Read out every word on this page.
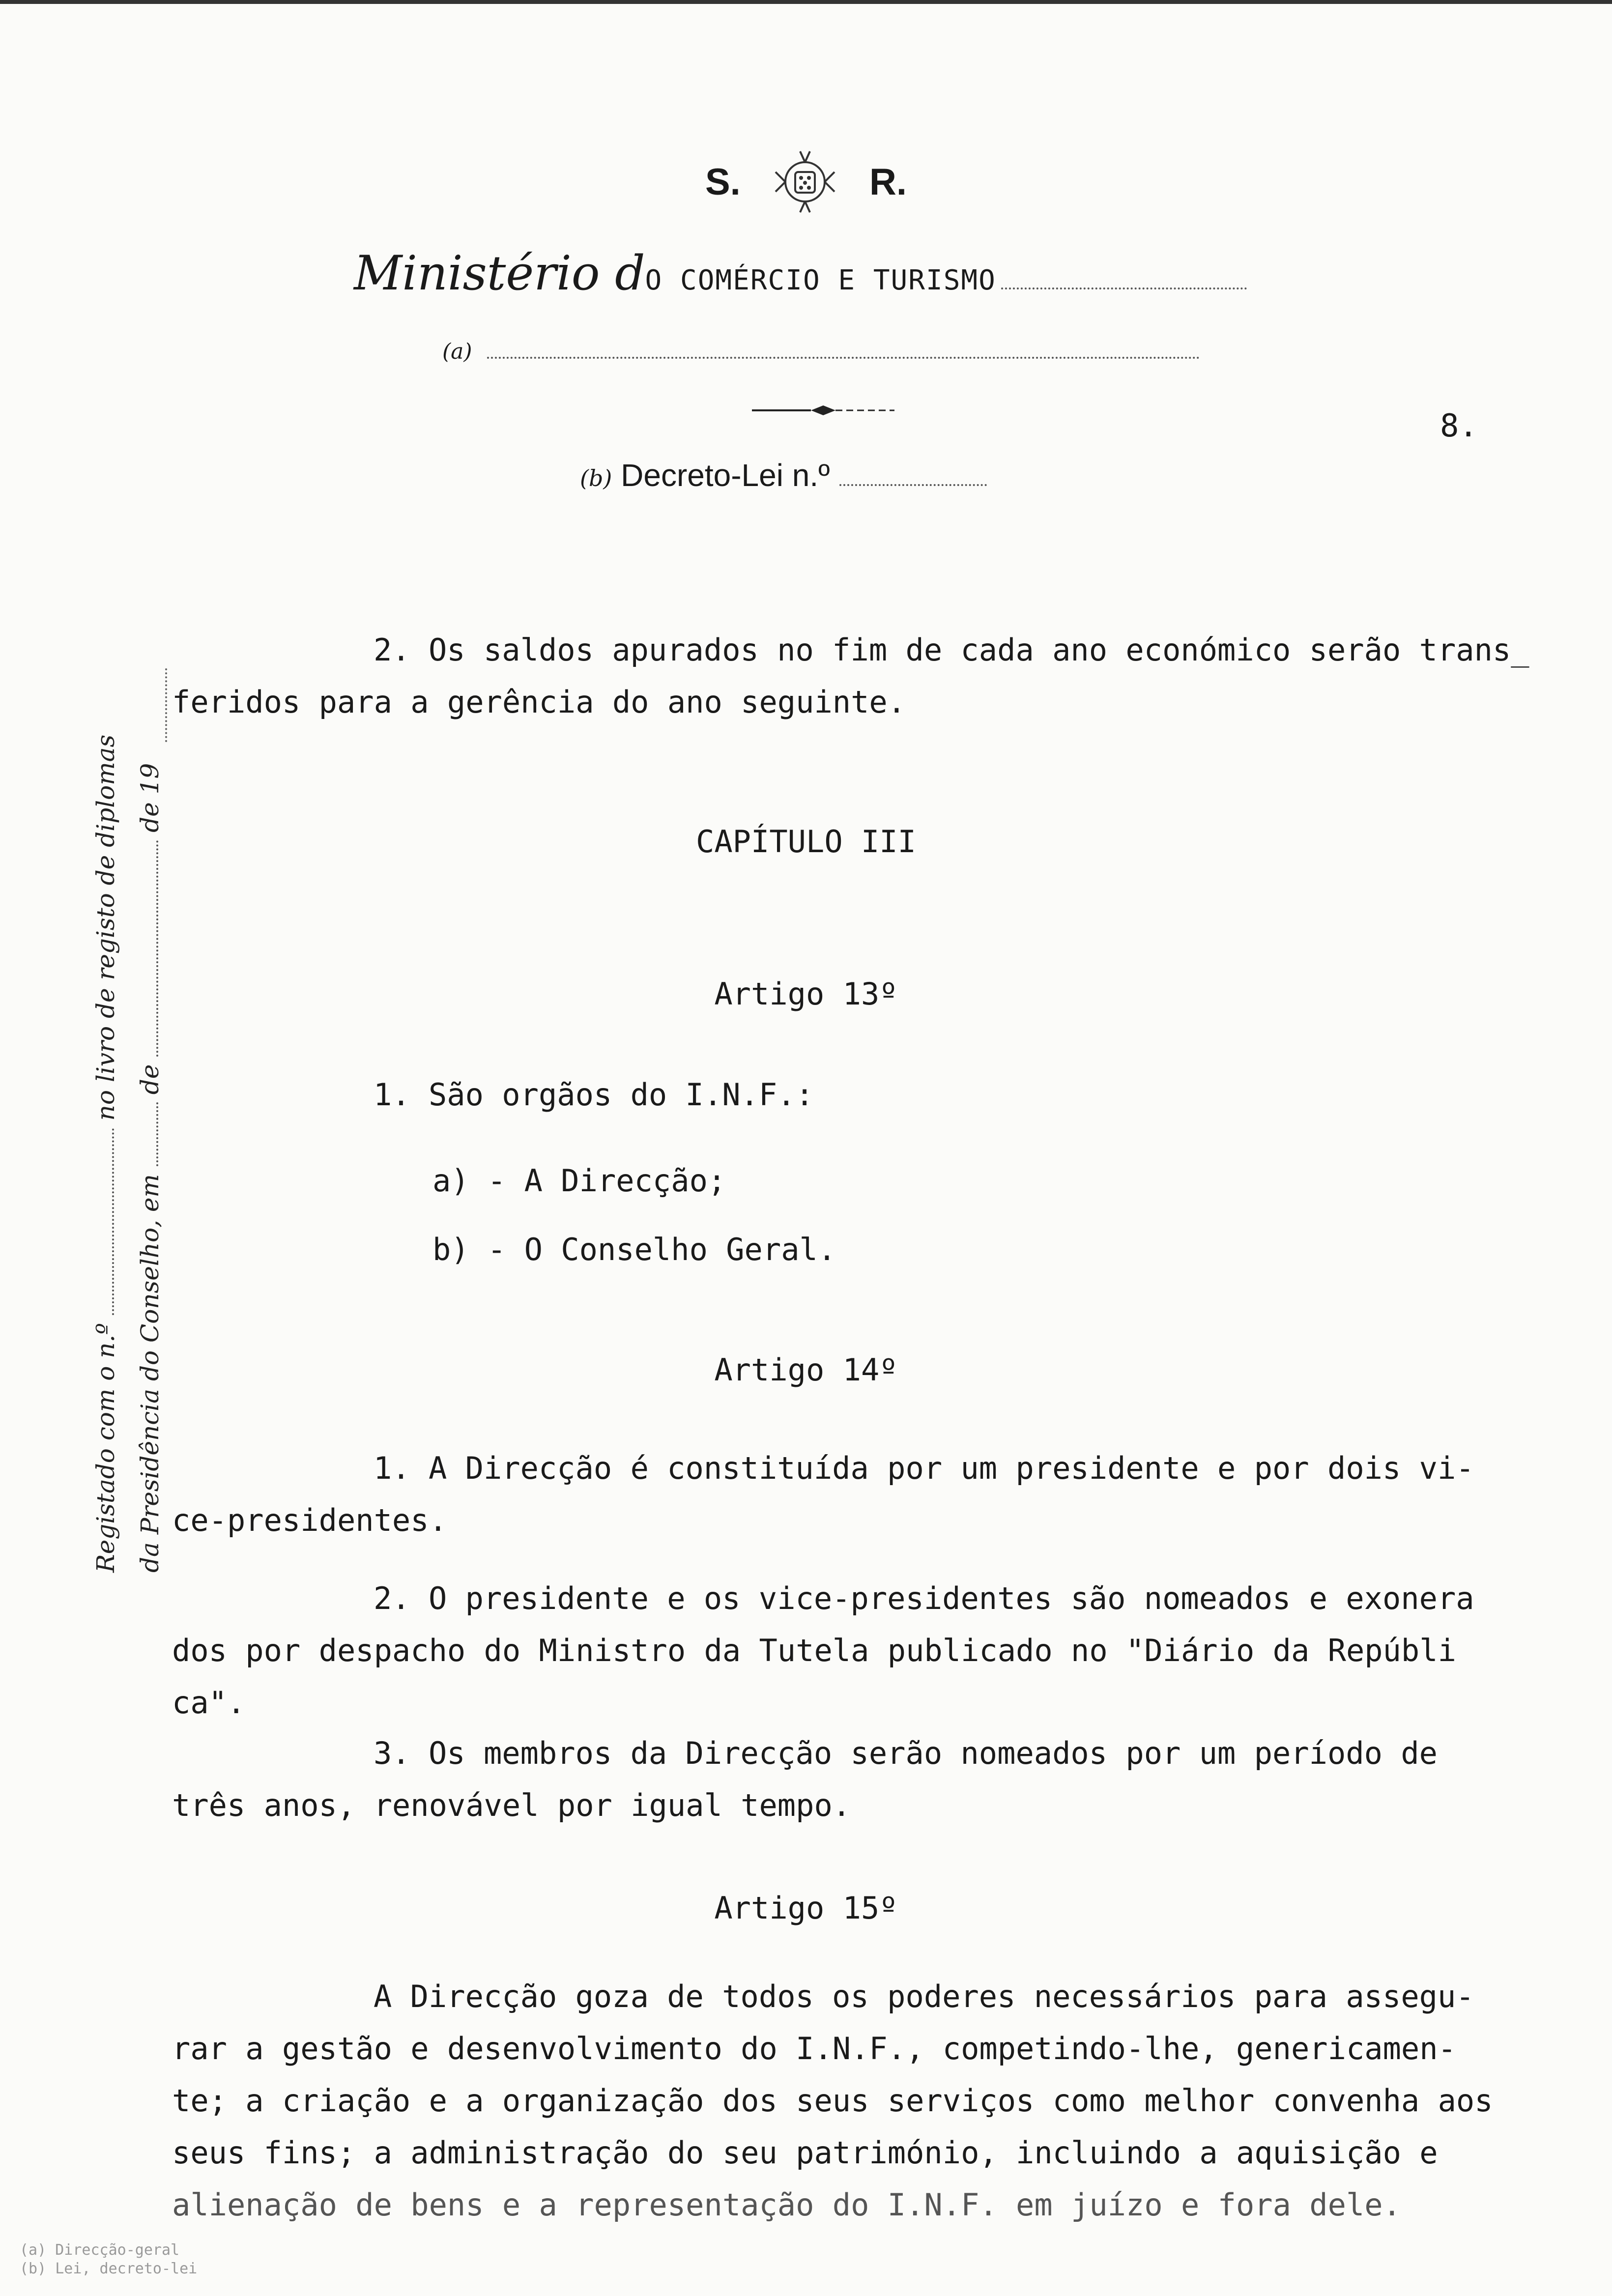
S.	R.
Ministério dO COMÉRCIO E TURISMO
(a)
8.
(b) Decreto-Lei n.º
Registado com o n.º  no livro de registo de diplomas
da Presidência do Conselho, em  de  de 19
2. Os saldos apurados no fim de cada ano económico serão trans_
feridos para a gerência do ano seguinte.
CAPÍTULO III
Artigo 13º
1. São orgãos do I.N.F.:
a) - A Direcção;
b) - O Conselho Geral.
Artigo 14º
1. A Direcção é constituída por um presidente e por dois vi-
ce-presidentes.
2. O presidente e os vice-presidentes são nomeados e exonera
dos por despacho do Ministro da Tutela publicado no "Diário da Repúbli
ca".
3. Os membros da Direcção serão nomeados por um período de
três anos, renovável por igual tempo.
Artigo 15º
A Direcção goza de todos os poderes necessários para assegu-
rar a gestão e desenvolvimento do I.N.F., competindo-lhe, genericamen-
te; a criação e a organização dos seus serviços como melhor convenha aos
seus fins; a administração do seu património, incluindo a aquisição e
alienação de bens e a representação do I.N.F. em juízo e fora dele.
(a) Direcção-geral
(b) Lei, decreto-lei
